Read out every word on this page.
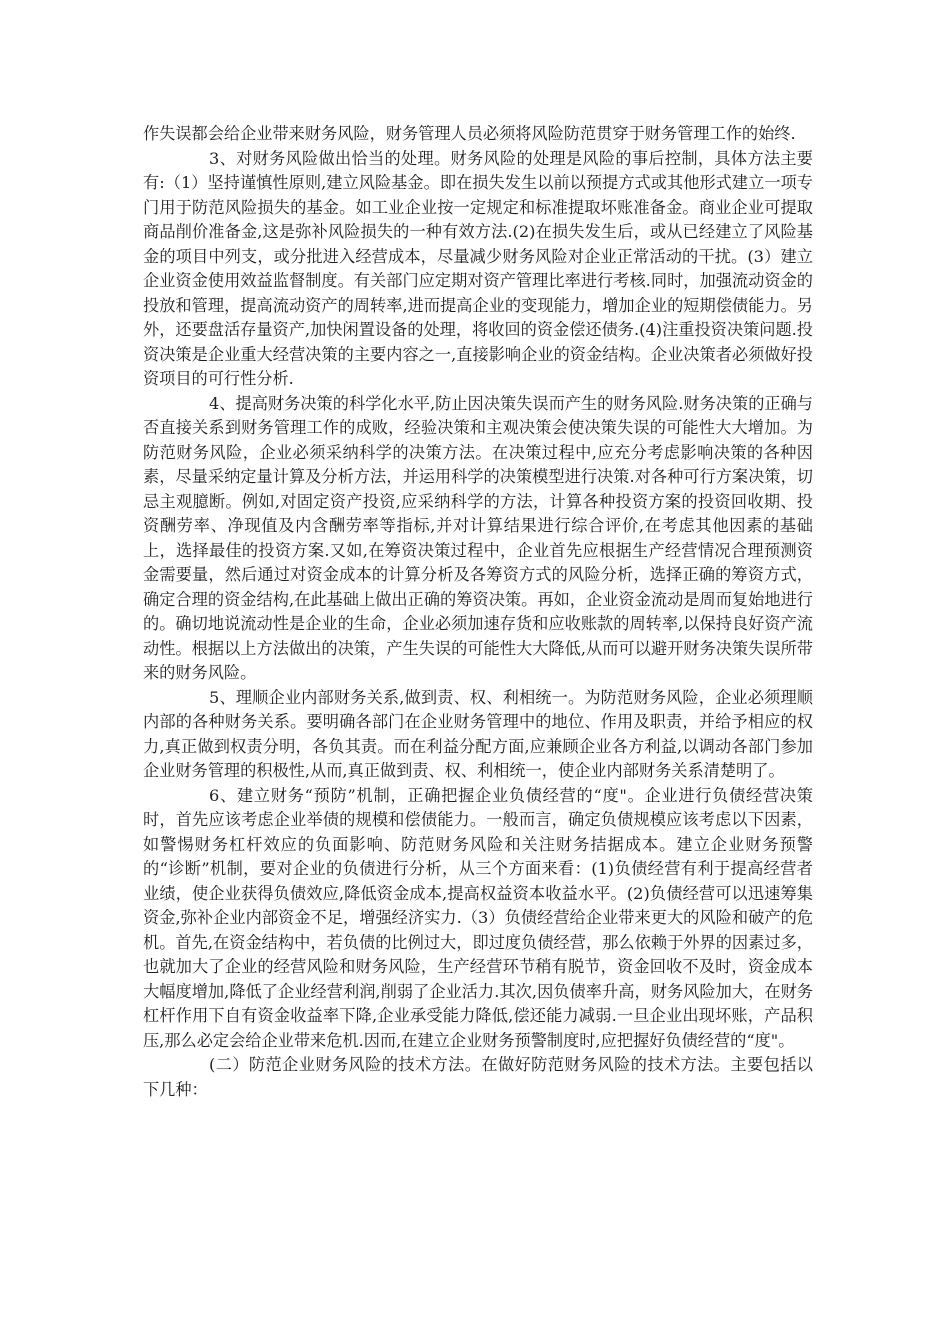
作失误都会给企业带来财务风险，财务管理人员必须将风险防范贯穿于财务管理工作的始终.

3、对财务风险做出恰当的处理。财务风险的处理是风险的事后控制，具体方法主要有:（1）坚持谨慎性原则,建立风险基金。即在损失发生以前以预提方式或其他形式建立一项专门用于防范风险损失的基金。如工业企业按一定规定和标准提取坏账准备金。商业企业可提取商品削价准备金,这是弥补风险损失的一种有效方法.(2)在损失发生后，或从已经建立了风险基金的项目中列支，或分批进入经营成本，尽量减少财务风险对企业正常活动的干扰。(3）建立企业资金使用效益监督制度。有关部门应定期对资产管理比率进行考核.同时，加强流动资金的投放和管理，提高流动资产的周转率,进而提高企业的变现能力，增加企业的短期偿债能力。另外，还要盘活存量资产,加快闲置设备的处理，将收回的资金偿还债务.(4)注重投资决策问题.投资决策是企业重大经营决策的主要内容之一,直接影响企业的资金结构。企业决策者必须做好投资项目的可行性分析.

4、提高财务决策的科学化水平,防止因决策失误而产生的财务风险.财务决策的正确与否直接关系到财务管理工作的成败，经验决策和主观决策会使决策失误的可能性大大增加。为防范财务风险，企业必须采纳科学的决策方法。在决策过程中,应充分考虑影响决策的各种因素，尽量采纳定量计算及分析方法，并运用科学的决策模型进行决策.对各种可行方案决策，切忌主观臆断。例如,对固定资产投资,应采纳科学的方法，计算各种投资方案的投资回收期、投资酬劳率、净现值及内含酬劳率等指标,并对计算结果进行综合评价,在考虑其他因素的基础上，选择最佳的投资方案.又如,在筹资决策过程中，企业首先应根据生产经营情况合理预测资金需要量，然后通过对资金成本的计算分析及各筹资方式的风险分析，选择正确的筹资方式，确定合理的资金结构,在此基础上做出正确的筹资决策。再如，企业资金流动是周而复始地进行的。确切地说流动性是企业的生命，企业必须加速存货和应收账款的周转率,以保持良好资产流动性。根据以上方法做出的决策，产生失误的可能性大大降低,从而可以避开财务决策失误所带来的财务风险。

5、理顺企业内部财务关系,做到责、权、利相统一。为防范财务风险，企业必须理顺内部的各种财务关系。要明确各部门在企业财务管理中的地位、作用及职责，并给予相应的权力,真正做到权责分明，各负其责。而在利益分配方面,应兼顾企业各方利益,以调动各部门参加企业财务管理的积极性,从而,真正做到责、权、利相统一，使企业内部财务关系清楚明了。

6、建立财务“预防”机制，正确把握企业负债经营的“度"。企业进行负债经营决策时，首先应该考虑企业举债的规模和偿债能力。一般而言，确定负债规模应该考虑以下因素，如警惕财务杠杆效应的负面影响、防范财务风险和关注财务拮据成本。建立企业财务预警的“诊断”机制，要对企业的负债进行分析，从三个方面来看：(1)负债经营有利于提高经营者业绩，使企业获得负债效应,降低资金成本,提高权益资本收益水平。(2)负债经营可以迅速筹集资金,弥补企业内部资金不足，增强经济实力.（3）负债经营给企业带来更大的风险和破产的危机。首先,在资金结构中，若负债的比例过大，即过度负债经营，那么依赖于外界的因素过多，也就加大了企业的经营风险和财务风险，生产经营环节稍有脱节，资金回收不及时，资金成本大幅度增加,降低了企业经营利润,削弱了企业活力.其次,因负债率升高，财务风险加大，在财务杠杆作用下自有资金收益率下降,企业承受能力降低,偿还能力减弱.一旦企业出现坏账，产品积压,那么必定会给企业带来危机.因而,在建立企业财务预警制度时,应把握好负债经营的“度"。

(二）防范企业财务风险的技术方法。在做好防范财务风险的技术方法。主要包括以下几种：
